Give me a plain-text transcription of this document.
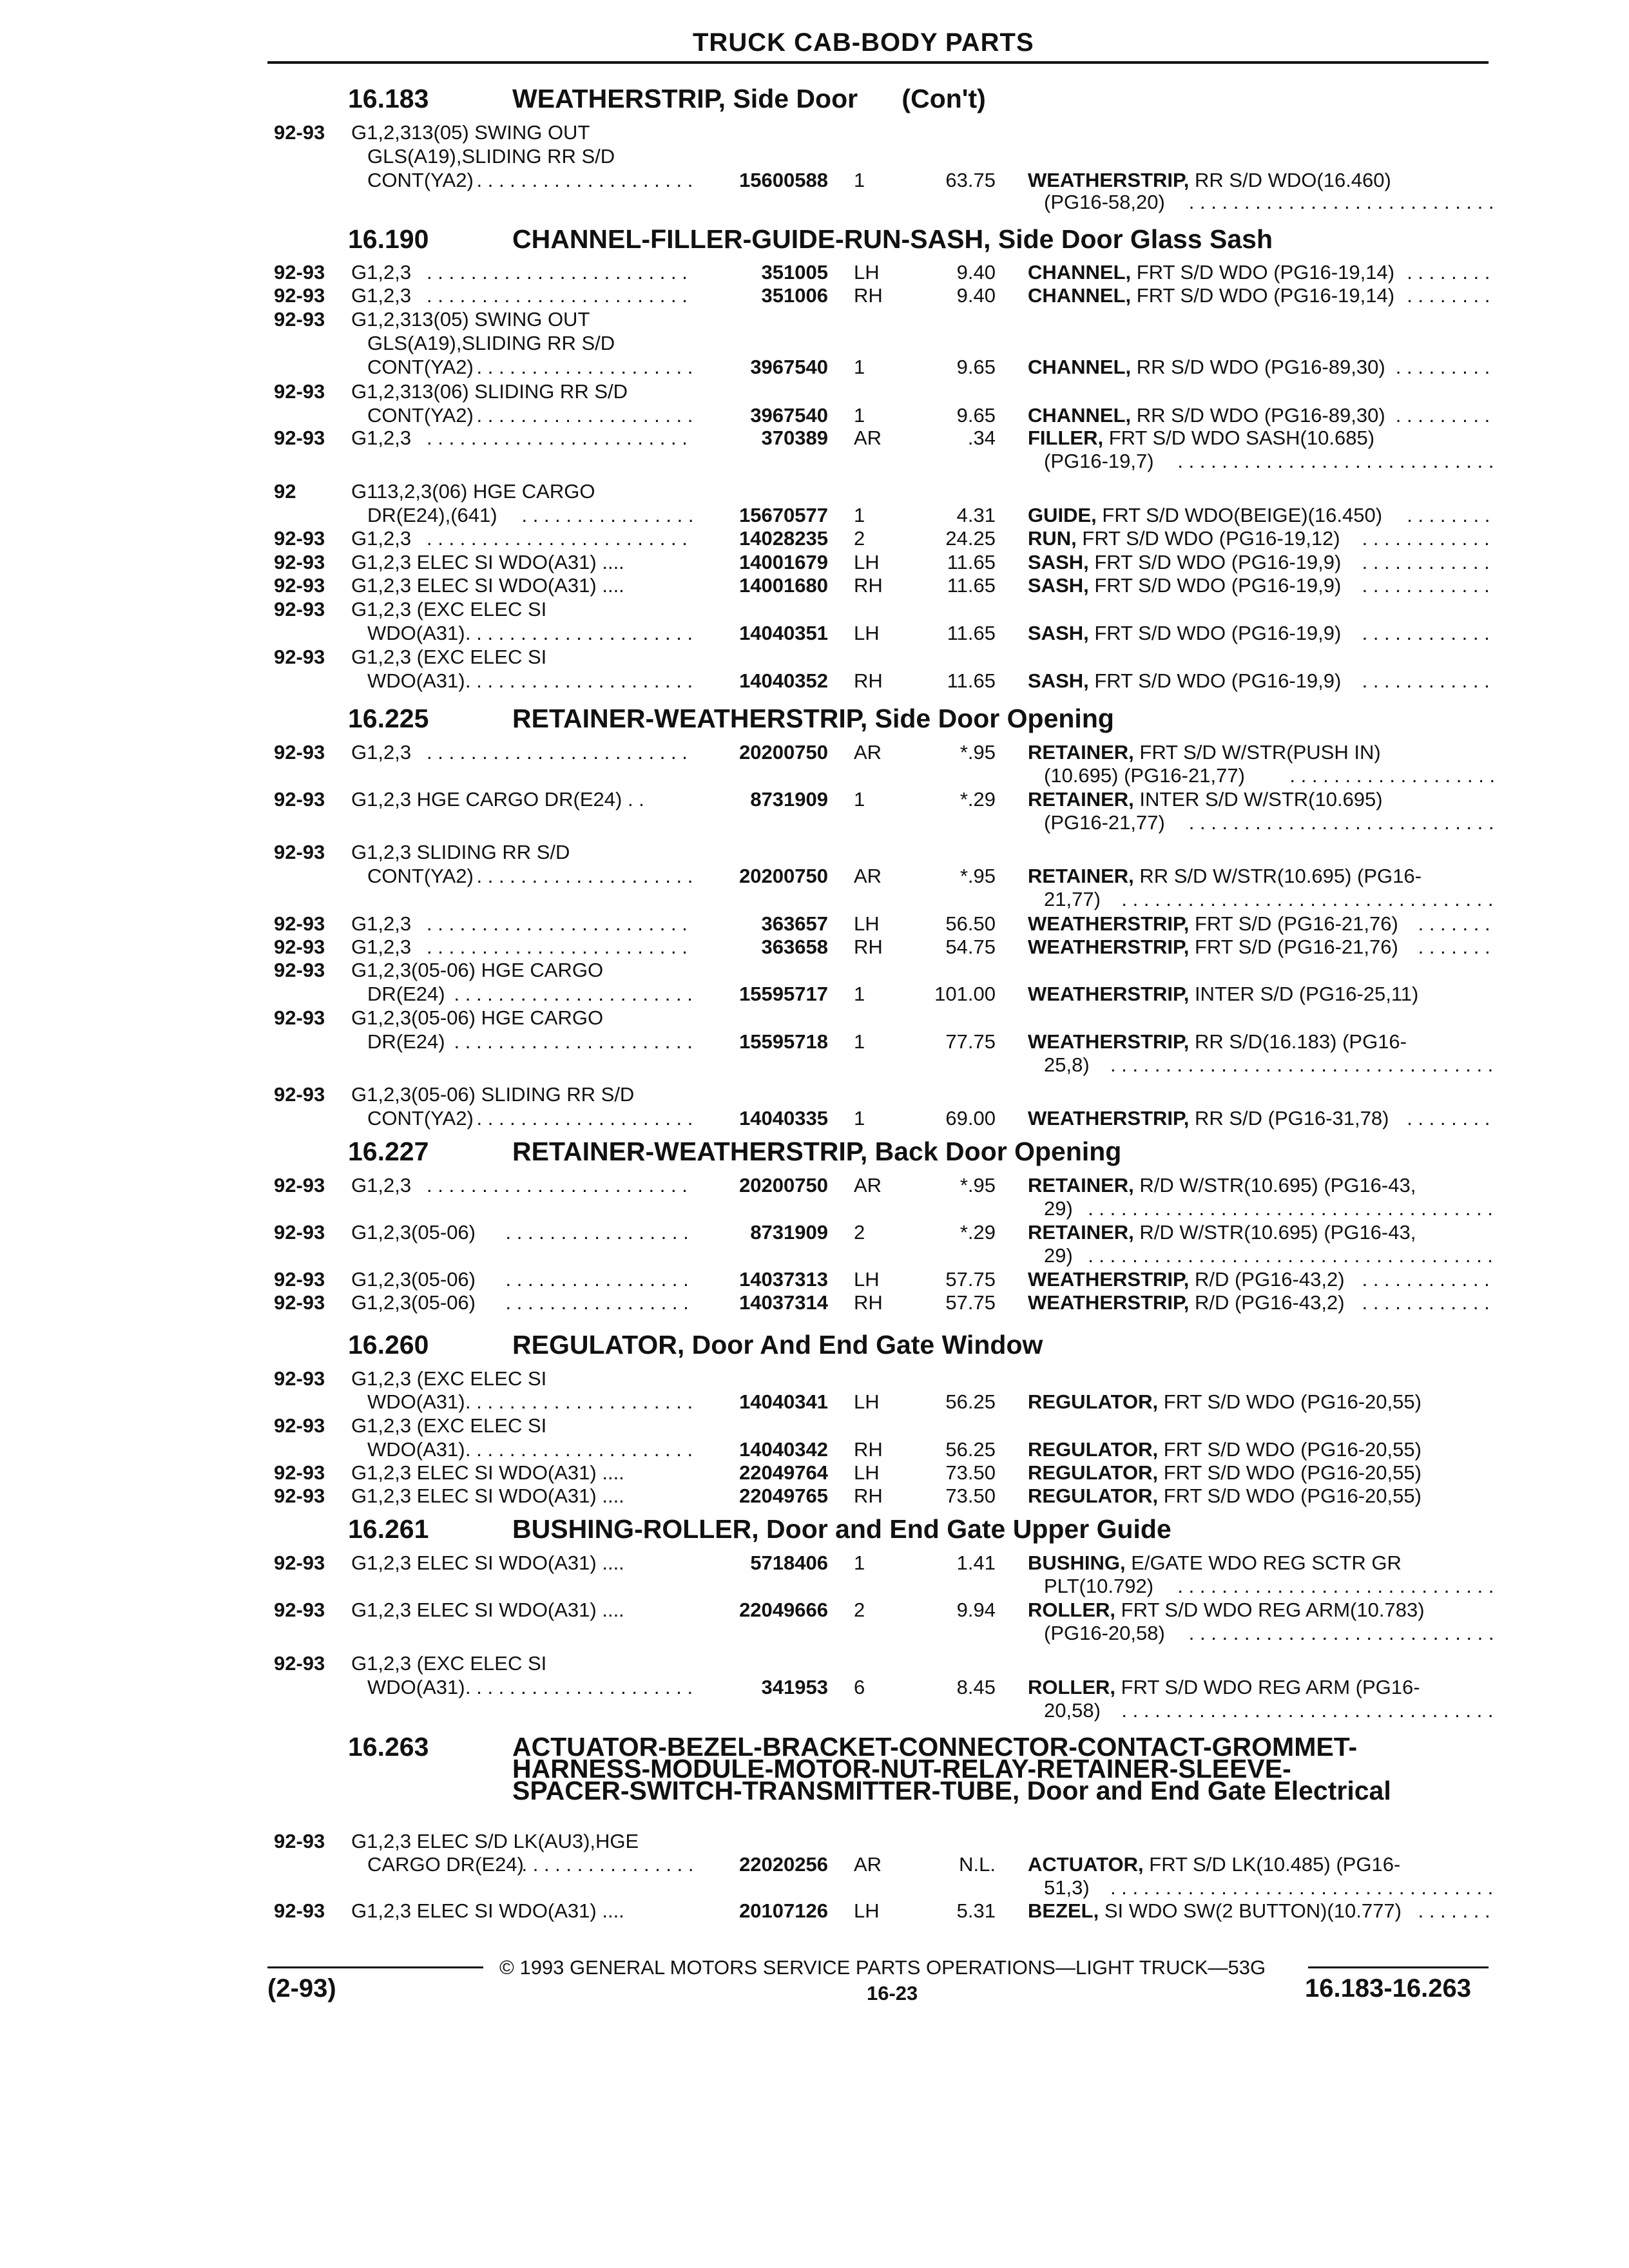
TRUCK CAB-BODY PARTS
16.183	WEATHERSTRIP, Side Door      (Con't)
16.190	CHANNEL-FILLER-GUIDE-RUN-SASH, Side Door Glass Sash
16.225	RETAINER-WEATHERSTRIP, Side Door Opening
16.227	RETAINER-WEATHERSTRIP, Back Door Opening
16.260	REGULATOR, Door And End Gate Window
16.261	BUSHING-ROLLER, Door and End Gate Upper Guide
16.263	ACTUATOR-BEZEL-BRACKET-CONNECTOR-CONTACT-GROMMET-
HARNESS-MODULE-MOTOR-NUT-RELAY-RETAINER-SLEEVE-
SPACER-SWITCH-TRANSMITTER-TUBE, Door and End Gate Electrical
92-93 G1,2,313(05) SWING OUT
GLS(A19),SLIDING RR S/D
CONT(YA2) . . .	15600588 1	63.75 WEATHERSTRIP, RR S/D WDO(16.460)
(PG16-58,20)
. . .
92-93 G1,2,3 . . .	351005 LH	9.40 CHANNEL, FRT S/D WDO (PG16-19,14)
. . .
92-93 G1,2,3 . . .	351006 RH	9.40 CHANNEL, FRT S/D WDO (PG16-19,14)
. . .
92-93 G1,2,313(05) SWING OUT
GLS(A19),SLIDING RR S/D
CONT(YA2) . . .	3967540 1	9.65 CHANNEL, RR S/D WDO (PG16-89,30)
. . .
92-93 G1,2,313(06) SLIDING RR S/D
CONT(YA2) . . .	3967540 1	9.65 CHANNEL, RR S/D WDO (PG16-89,30)
. . .
92-93 G1,2,3 . . .	370389 AR	.34 FILLER, FRT S/D WDO SASH(10.685)
(PG16-19,7)
. . .
92	G113,2,3(06) HGE CARGO
DR(E24),(641) . . .	15670577 1	4.31 GUIDE, FRT S/D WDO(BEIGE)(16.450)
. . .
92-93 G1,2,3 . . .	14028235 2	24.25 RUN, FRT S/D WDO (PG16-19,12)
. . .
92-93 G1,2,3 ELEC SI WDO(A31) ....	14001679 LH	11.65 SASH, FRT S/D WDO (PG16-19,9)
. . .
92-93 G1,2,3 ELEC SI WDO(A31) ....	14001680 RH	11.65 SASH, FRT S/D WDO (PG16-19,9)
. . .
92-93 G1,2,3 (EXC ELEC SI
WDO(A31) . . .	14040351 LH	11.65 SASH, FRT S/D WDO (PG16-19,9)
. . .
92-93 G1,2,3 (EXC ELEC SI
WDO(A31) . . .	14040352 RH	11.65 SASH, FRT S/D WDO (PG16-19,9)
. . .
92-93 G1,2,3 . . .	20200750 AR	*.95 RETAINER, FRT S/D W/STR(PUSH IN)
(10.695) (PG16-21,77)
. . .
92-93 G1,2,3 HGE CARGO DR(E24) . .	8731909 1	*.29 RETAINER, INTER S/D W/STR(10.695)
(PG16-21,77)
. . .
92-93 G1,2,3 SLIDING RR S/D
CONT(YA2) . . .	20200750 AR	*.95 RETAINER, RR S/D W/STR(10.695) (PG16-
21,77)
. . .
92-93 G1,2,3 . . .	363657 LH	56.50 WEATHERSTRIP, FRT S/D (PG16-21,76)
. . .
92-93 G1,2,3 . . .	363658 RH	54.75 WEATHERSTRIP, FRT S/D (PG16-21,76)
. . .
92-93 G1,2,3(05-06) HGE CARGO
DR(E24) . . .	15595717 1	101.00 WEATHERSTRIP, INTER S/D (PG16-25,11)
92-93 G1,2,3(05-06) HGE CARGO
DR(E24) . . .	15595718 1	77.75 WEATHERSTRIP, RR S/D(16.183) (PG16-
25,8)
. . .
92-93 G1,2,3(05-06) SLIDING RR S/D
CONT(YA2) . . .	14040335 1	69.00 WEATHERSTRIP, RR S/D (PG16-31,78)
. . .
92-93 G1,2,3 . . .	20200750 AR	*.95 RETAINER, R/D W/STR(10.695) (PG16-43,
29)
. . .
92-93 G1,2,3(05-06) . . .	8731909 2	*.29 RETAINER, R/D W/STR(10.695) (PG16-43,
29)
. . .
92-93 G1,2,3(05-06) . . .	14037313 LH	57.75 WEATHERSTRIP, R/D (PG16-43,2)
. . .
92-93 G1,2,3(05-06) . . .	14037314 RH	57.75 WEATHERSTRIP, R/D (PG16-43,2)
. . .
92-93 G1,2,3 (EXC ELEC SI
WDO(A31) . . .	14040341 LH	56.25 REGULATOR, FRT S/D WDO (PG16-20,55)
92-93 G1,2,3 (EXC ELEC SI
WDO(A31) . . .	14040342 RH	56.25 REGULATOR, FRT S/D WDO (PG16-20,55)
92-93 G1,2,3 ELEC SI WDO(A31) ....	22049764 LH	73.50 REGULATOR, FRT S/D WDO (PG16-20,55)
92-93 G1,2,3 ELEC SI WDO(A31) ....	22049765 RH	73.50 REGULATOR, FRT S/D WDO (PG16-20,55)
92-93 G1,2,3 ELEC SI WDO(A31) ....	5718406 1	1.41 BUSHING, E/GATE WDO REG SCTR GR
PLT(10.792)
. . .
92-93 G1,2,3 ELEC SI WDO(A31) ....	22049666 2	9.94 ROLLER, FRT S/D WDO REG ARM(10.783)
(PG16-20,58)
. . .
92-93 G1,2,3 (EXC ELEC SI
WDO(A31) . . .	341953 6	8.45 ROLLER, FRT S/D WDO REG ARM (PG16-
20,58)
. . .
92-93 G1,2,3 ELEC S/D LK(AU3),HGE
CARGO DR(E24) . . .	22020256 AR	N.L. ACTUATOR, FRT S/D LK(10.485) (PG16-
51,3)
. . .
92-93 G1,2,3 ELEC SI WDO(A31) ....	20107126 LH	5.31 BEZEL, SI WDO SW(2 BUTTON)(10.777)
. . .
© 1993 GENERAL MOTORS SERVICE PARTS OPERATIONS—LIGHT TRUCK—53G
(2-93)	16-23	16.183-16.263
